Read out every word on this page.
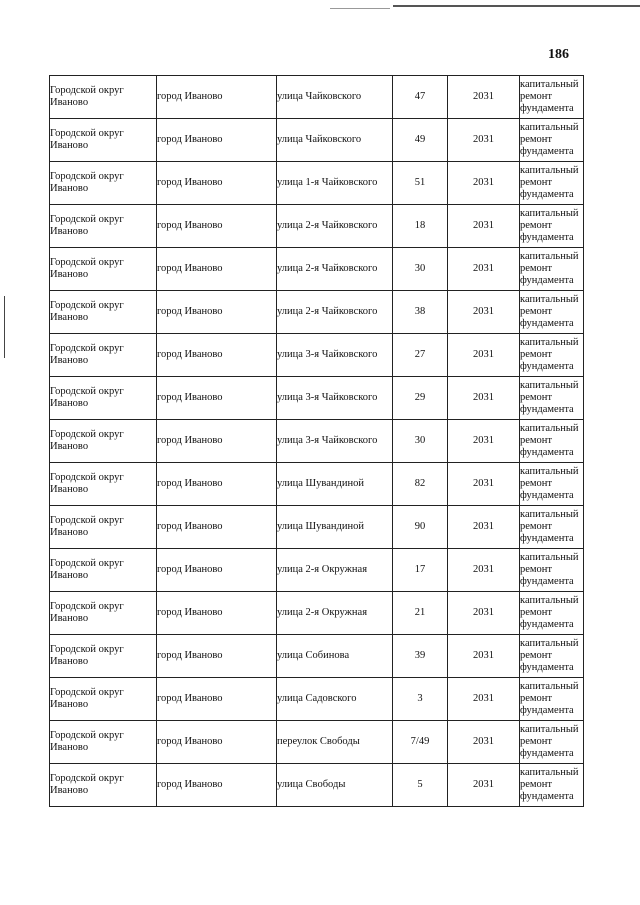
186
Городской округ Иваново	город Иваново	улица Чайковского	47	2031	капитальный ремонт фундамента
Городской округ Иваново	город Иваново	улица Чайковского	49	2031	капитальный ремонт фундамента
Городской округ Иваново	город Иваново	улица 1-я Чайковского	51	2031	капитальный ремонт фундамента
Городской округ Иваново	город Иваново	улица 2-я Чайковского	18	2031	капитальный ремонт фундамента
Городской округ Иваново	город Иваново	улица 2-я Чайковского	30	2031	капитальный ремонт фундамента
Городской округ Иваново	город Иваново	улица 2-я Чайковского	38	2031	капитальный ремонт фундамента
Городской округ Иваново	город Иваново	улица 3-я Чайковского	27	2031	капитальный ремонт фундамента
Городской округ Иваново	город Иваново	улица 3-я Чайковского	29	2031	капитальный ремонт фундамента
Городской округ Иваново	город Иваново	улица 3-я Чайковского	30	2031	капитальный ремонт фундамента
Городской округ Иваново	город Иваново	улица Шувандиной	82	2031	капитальный ремонт фундамента
Городской округ Иваново	город Иваново	улица Шувандиной	90	2031	капитальный ремонт фундамента
Городской округ Иваново	город Иваново	улица 2-я Окружная	17	2031	капитальный ремонт фундамента
Городской округ Иваново	город Иваново	улица 2-я Окружная	21	2031	капитальный ремонт фундамента
Городской округ Иваново	город Иваново	улица Собинова	39	2031	капитальный ремонт фундамента
Городской округ Иваново	город Иваново	улица Садовского	3	2031	капитальный ремонт фундамента
Городской округ Иваново	город Иваново	переулок Свободы	7/49	2031	капитальный ремонт фундамента
Городской округ Иваново	город Иваново	улица Свободы	5	2031	капитальный ремонт фундамента
